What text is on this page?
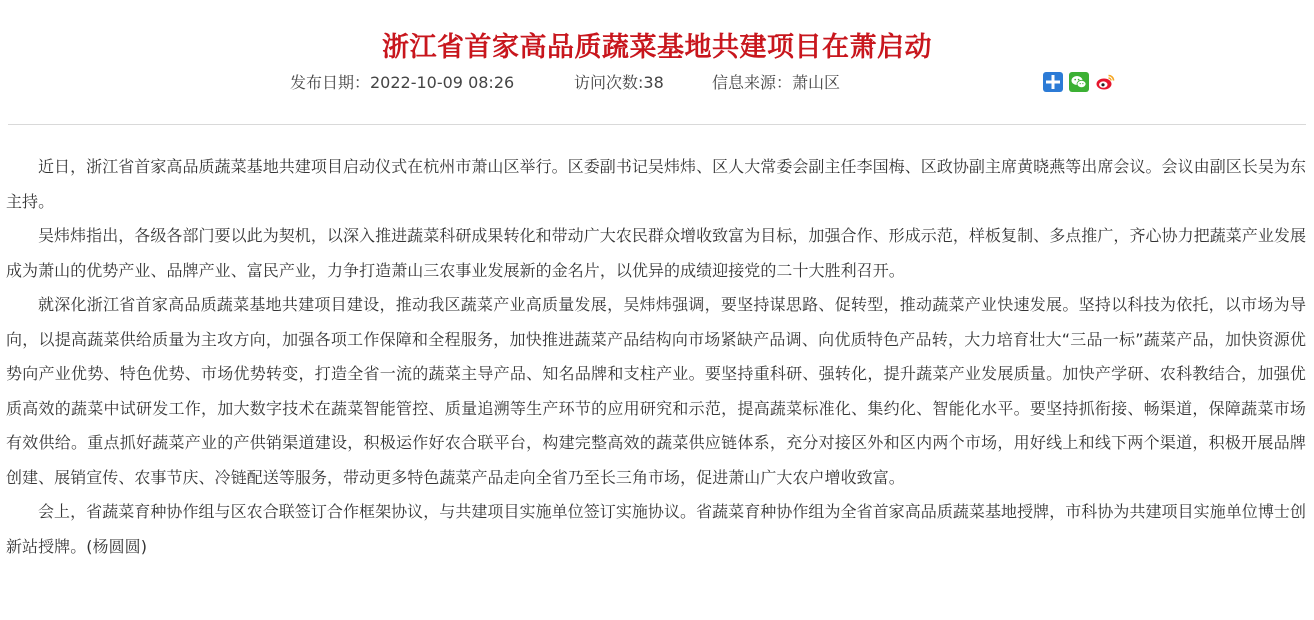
浙江省首家高品质蔬菜基地共建项目在萧启动
发布日期：2022-10-09 08:26	访问次数:38	信息来源：萧山区

近日，浙江省首家高品质蔬菜基地共建项目启动仪式在杭州市萧山区举行。区委副书记吴炜炜、区人大常委会副主任李国梅、区政协副主席黄晓燕等出席会议。会议由副区长吴为东主持。

吴炜炜指出，各级各部门要以此为契机，以深入推进蔬菜科研成果转化和带动广大农民群众增收致富为目标，加强合作、形成示范，样板复制、多点推广，齐心协力把蔬菜产业发展成为萧山的优势产业、品牌产业、富民产业，力争打造萧山三农事业发展新的金名片，以优异的成绩迎接党的二十大胜利召开。

就深化浙江省首家高品质蔬菜基地共建项目建设，推动我区蔬菜产业高质量发展，吴炜炜强调，要坚持谋思路、促转型，推动蔬菜产业快速发展。坚持以科技为依托，以市场为导向，以提高蔬菜供给质量为主攻方向，加强各项工作保障和全程服务，加快推进蔬菜产品结构向市场紧缺产品调、向优质特色产品转，大力培育壮大“三品一标”蔬菜产品，加快资源优势向产业优势、特色优势、市场优势转变，打造全省一流的蔬菜主导产品、知名品牌和支柱产业。要坚持重科研、强转化，提升蔬菜产业发展质量。加快产学研、农科教结合，加强优质高效的蔬菜中试研发工作，加大数字技术在蔬菜智能管控、质量追溯等生产环节的应用研究和示范，提高蔬菜标准化、集约化、智能化水平。要坚持抓衔接、畅渠道，保障蔬菜市场有效供给。重点抓好蔬菜产业的产供销渠道建设，积极运作好农合联平台，构建完整高效的蔬菜供应链体系，充分对接区外和区内两个市场，用好线上和线下两个渠道，积极开展品牌创建、展销宣传、农事节庆、冷链配送等服务，带动更多特色蔬菜产品走向全省乃至长三角市场，促进萧山广大农户增收致富。

会上，省蔬菜育种协作组与区农合联签订合作框架协议，与共建项目实施单位签订实施协议。省蔬菜育种协作组为全省首家高品质蔬菜基地授牌，市科协为共建项目实施单位博士创新站授牌。(杨圆圆)
